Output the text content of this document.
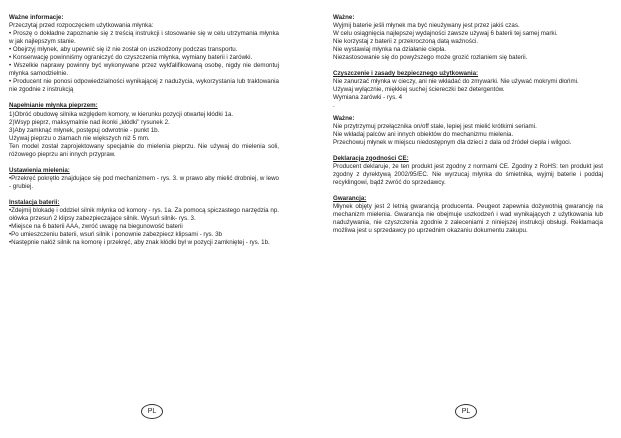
Ważne informacje:
Przeczytaj przed rozpoczęciem użytkowania młynka:
• Proszę o dokładne zapoznanie się z treścią instrukcji i stosowanie się w celu utrzymania młynka w jak najlepszym stanie.
• Obejrzyj młynek, aby upewnić się iż nie został on uszkodzony podczas transportu.
• Konserwację powinniśmy ograniczyć do czyszczenia młynka, wymiany baterii i żarówki.
• Wszelkie naprawy powinny być wykonywane przez wykfalifikowaną osobę, nigdy nie demontuj młynka samodzielnie.
• Producent nie ponosi odpowiedzialności wynikającej z nadużycia, wykorzystania lub traktowania nie zgodnie z instrukcją
Napełnianie młynka pieprzem:
1)Obróć obudowę silnika względem komory, w kierunku pozycji otwartej kłódki 1a.
2)Wsyp pieprz, maksymalnie nad ikonki „kłódki" rysunek 2.
3)Aby zamknąć młynek, postępuj odwrotnie - punkt 1b.
Używaj pieprzu o ziarnach nie większych niż 5 mm.
Ten model został zaprojektowany specjalnie do mielenia pieprzu. Nie używaj do mielenia soli, różowego pieprzu ani innych przypraw.
Ustawienia mielenia:
•Przekręć pokrętło znajdujące się pod mechanizmem - rys. 3. w prawo aby mielić drobniej, w lewo - grubiej.
Instalacja baterii:
•Zdejmij blokadę i oddziel silnik młynka od komory - rys. 1a. Za pomocą spiczastego narzędzia np. ołówka przesuń 2 klipsy zabezpieczające silnik. Wysuń silnik- rys. 3.
•Miejsce na 6 baterii AAA, zwróć uwagę na biegunowość baterii
•Po umieszczeniu baterii, wsuń silnik i ponownie zabezpiecz klipsami - rys. 3b
•Następnie nałóż silnik na komorę i przekręć, aby znak kłódki był w pozycji zamkniętej - rys. 1b.
PL
Ważne:
Wyjmij baterie jeśli młynek ma być nieużywany jest przez jakiś czas.
W celu osiągnięcia najlepszej wydajności zawsze używaj 6 baterii tej samej marki.
Nie korzystaj z baterii z przekroczoną datą ważności.
Nie wystawiaj młynka na działanie ciepła.
Niezastosowanie się do powyższego może grozić rozlaniem się baterii.
Czyszczenie i zasady bezpiecznego użytkowania:
Nie zanurzać młynka w cieczy, ani nie wkładać do zmywarki. Nie używać mokrymi dłońmi.
Używaj wyłącznie, miękkiej suchej ściereczki bez detergentów.
Wymiana żarówki - rys. 4
.
Ważne:
Nie przytrzymuj przełącznika on/off stale, lepiej jest mielić krótkimi seriami.
Nie wkładaj palców ani innych obiektów do mechanizmu mielenia.
Przechowuj młynek w miejscu niedostępnym dla dzieci z dala od źródeł ciepła i wilgoci.
Deklaracja zgodności CE:
Producent deklaruje, że ten produkt jest zgodny z normami CE. Zgodny z RoHS: ten produkt jest zgodny z dyrektywą 2002/95/EC. Nie wyrzucaj młynka do śmietnika, wyjmij baterie i poddaj recyklingowi, bądź zwróć do sprzedawcy.
Gwarancja:
Młynek objęty jest 2 letnią gwarancją producenta. Peugeot zapewnia dożywotnią gwarancję na mechanizm mielenia. Gwarancja nie obejmuje uszkodzeń i wad wynikających z użytkowania lub nadużywania, nie czyszczenia zgodnie z zaleceniami z niniejszej instrukcji obsługi. Reklamacja możliwa jest u sprzedawcy po uprzednim okazaniu dokumentu zakupu.
PL
